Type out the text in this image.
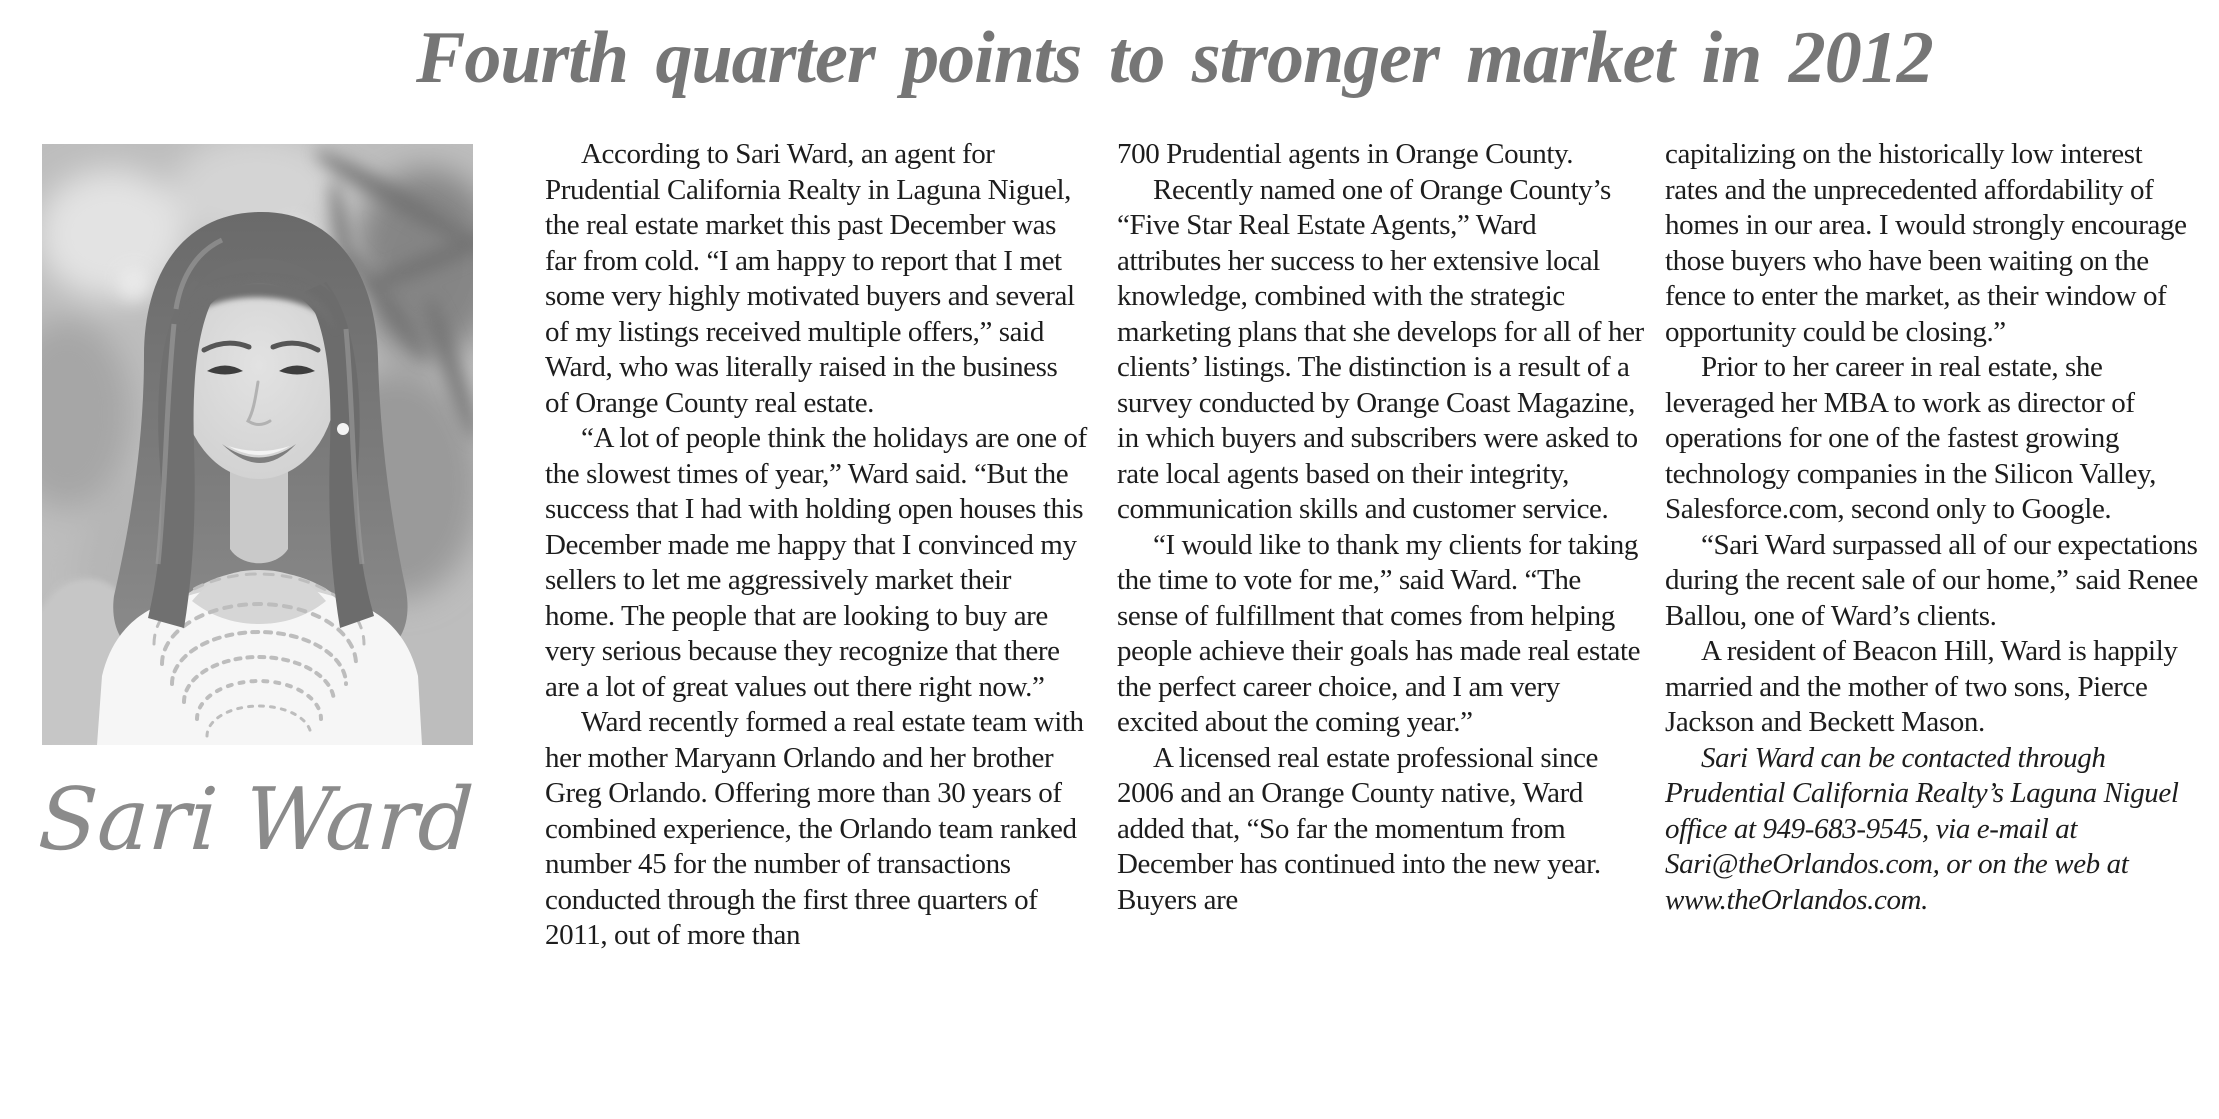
Fourth quarter points to stronger market in 2012

Sari Ward

According to Sari Ward, an agent for Prudential California Realty in Laguna Niguel, the real estate market this past December was far from cold. “I am happy to report that I met some very highly motivated buyers and several of my listings received multiple offers,” said Ward, who was literally raised in the business of Orange County real estate.

“A lot of people think the holidays are one of the slowest times of year,” Ward said. “But the success that I had with holding open houses this December made me happy that I convinced my sellers to let me aggressively market their home. The people that are looking to buy are very serious because they recognize that there are a lot of great values out there right now.”

Ward recently formed a real estate team with her mother Maryann Orlando and her brother Greg Orlando. Offering more than 30 years of combined experience, the Orlando team ranked number 45 for the number of transactions conducted through the first three quarters of 2011, out of more than

700 Prudential agents in Orange County.

Recently named one of Orange County’s “Five Star Real Estate Agents,” Ward attributes her success to her extensive local knowledge, combined with the strategic marketing plans that she develops for all of her clients’ listings. The distinction is a result of a survey conducted by Orange Coast Magazine, in which buyers and subscribers were asked to rate local agents based on their integrity, communication skills and customer service.

“I would like to thank my clients for taking the time to vote for me,” said Ward. “The sense of fulfillment that comes from helping people achieve their goals has made real estate the perfect career choice, and I am very excited about the coming year.”

A licensed real estate professional since 2006 and an Orange County native, Ward added that, “So far the momentum from December has continued into the new year. Buyers are

capitalizing on the historically low interest rates and the unprecedented affordability of homes in our area. I would strongly encourage those buyers who have been waiting on the fence to enter the market, as their window of opportunity could be closing.”

Prior to her career in real estate, she leveraged her MBA to work as director of operations for one of the fastest growing technology companies in the Silicon Valley, Salesforce.com, second only to Google.

“Sari Ward surpassed all of our expectations during the recent sale of our home,” said Renee Ballou, one of Ward’s clients.

A resident of Beacon Hill, Ward is happily married and the mother of two sons, Pierce Jackson and Beckett Mason.

Sari Ward can be contacted through Prudential California Realty’s Laguna Niguel office at 949-683-9545, via e-mail at Sari@theOrlandos.com, or on the web at www.theOrlandos.com.
